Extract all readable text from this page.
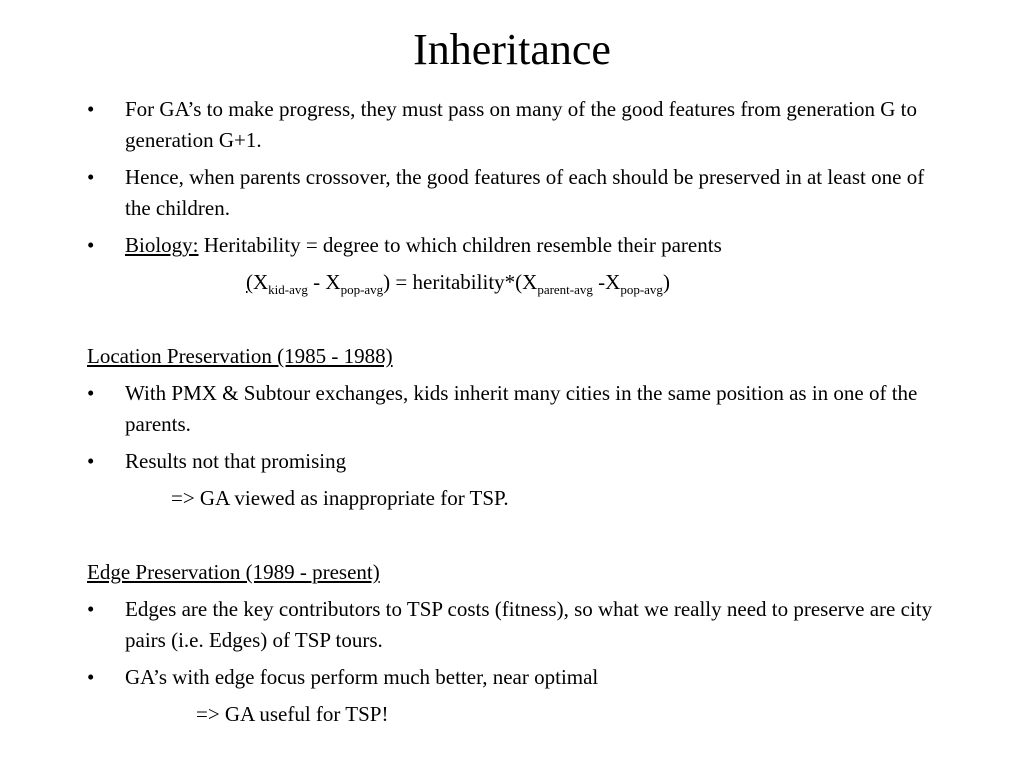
Inheritance
• For GA’s to make progress, they must pass on many of the good features from generation G to generation G+1.
• Hence, when parents crossover, the good features of each should be preserved in at least one of the children.
• Biology: Heritability = degree to which children resemble their parents
$(X_{kid-avg} - X_{pop-avg})$ = $heritability*(X_{parent-avg}$ $-X_{pop-avg}$)
Location Preservation (1985 - 1988)
• With PMX & Subtour exchanges, kids inherit many cities in the same position as in one of the parents.
• Results not that promising
=> GA viewed as inappropriate for TSP.
Edge Preservation (1989 - present)
• Edges are the key contributors to TSP costs (fitness), so what we really need to preserve are city pairs (i.e. Edges) of TSP tours.
• GA’s with edge focus perform much better, near optimal
=> GA useful for TSP!
